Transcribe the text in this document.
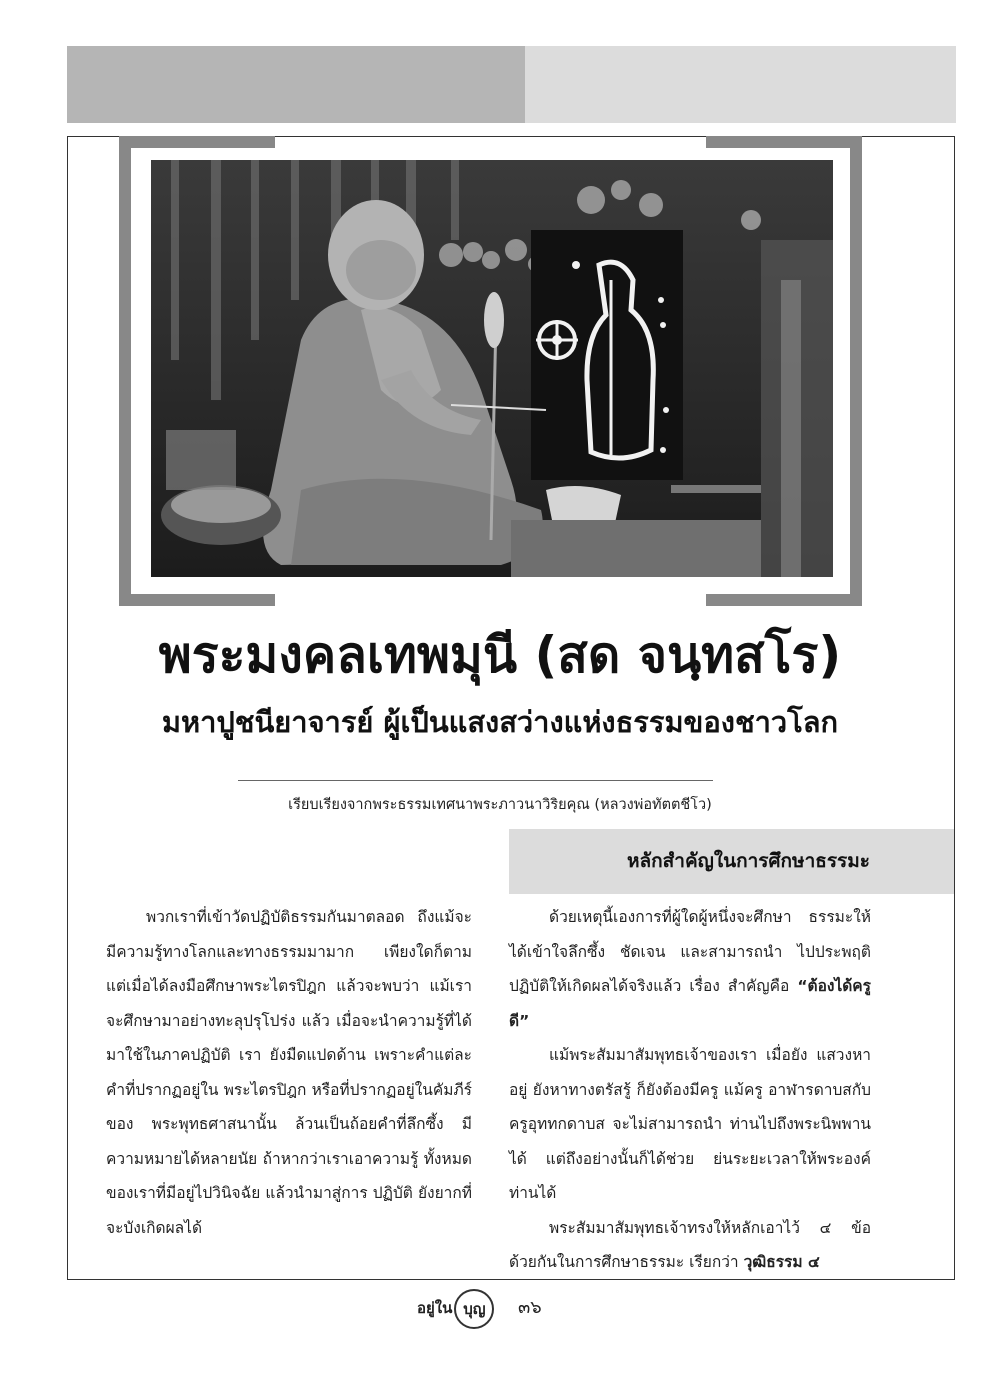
พระมงคลเทพมุนี (สด จนฺทสโร)
มหาปูชนียาจารย์ ผู้เป็นแสงสว่างแห่งธรรมของชาวโลก
เรียบเรียงจากพระธรรมเทศนาพระภาวนาวิริยคุณ (หลวงพ่อทัตตชีโว)
หลักสำคัญในการศึกษาธรรมะ

พวกเราที่เข้าวัดปฏิบัติธรรมกันมาตลอด ถึงแม้จะมีความรู้ทางโลกและทางธรรมมามาก เพียงใดก็ตาม แต่เมื่อได้ลงมือศึกษาพระไตรปิฎก แล้วจะพบว่า แม้เราจะศึกษามาอย่างทะลุปรุโปร่ง แล้ว เมื่อจะนำความรู้ที่ได้มาใช้ในภาคปฏิบัติ เรา ยังมืดแปดด้าน เพราะคำแต่ละคำที่ปรากฏอยู่ใน พระไตรปิฎก หรือที่ปรากฏอยู่ในคัมภีร์ของ พระพุทธศาสนานั้น ล้วนเป็นถ้อยคำที่ลึกซึ้ง มี ความหมายได้หลายนัย ถ้าหากว่าเราเอาความรู้ ทั้งหมดของเราที่มีอยู่ไปวินิจฉัย แล้วนำมาสู่การ ปฏิบัติ ยังยากที่จะบังเกิดผลได้

ด้วยเหตุนี้เองการที่ผู้ใดผู้หนึ่งจะศึกษา ธรรมะให้ได้เข้าใจลึกซึ้ง ชัดเจน และสามารถนำ ไปประพฤติปฏิบัติให้เกิดผลได้จริงแล้ว เรื่อง สำคัญคือ “ต้องได้ครูดี”

แม้พระสัมมาสัมพุทธเจ้าของเรา เมื่อยัง แสวงหาอยู่ ยังหาทางตรัสรู้ ก็ยังต้องมีครู แม้ครู อาฬารดาบสกับครูอุททกดาบส จะไม่สามารถนำ ท่านไปถึงพระนิพพานได้ แต่ถึงอย่างนั้นก็ได้ช่วย ย่นระยะเวลาให้พระองค์ท่านได้

พระสัมมาสัมพุทธเจ้าทรงให้หลักเอาไว้ ๔ ข้อ ด้วยกันในการศึกษาธรรมะ เรียกว่า วุฒิธรรม ๔

อยู่ใน บุญ	๓๖
